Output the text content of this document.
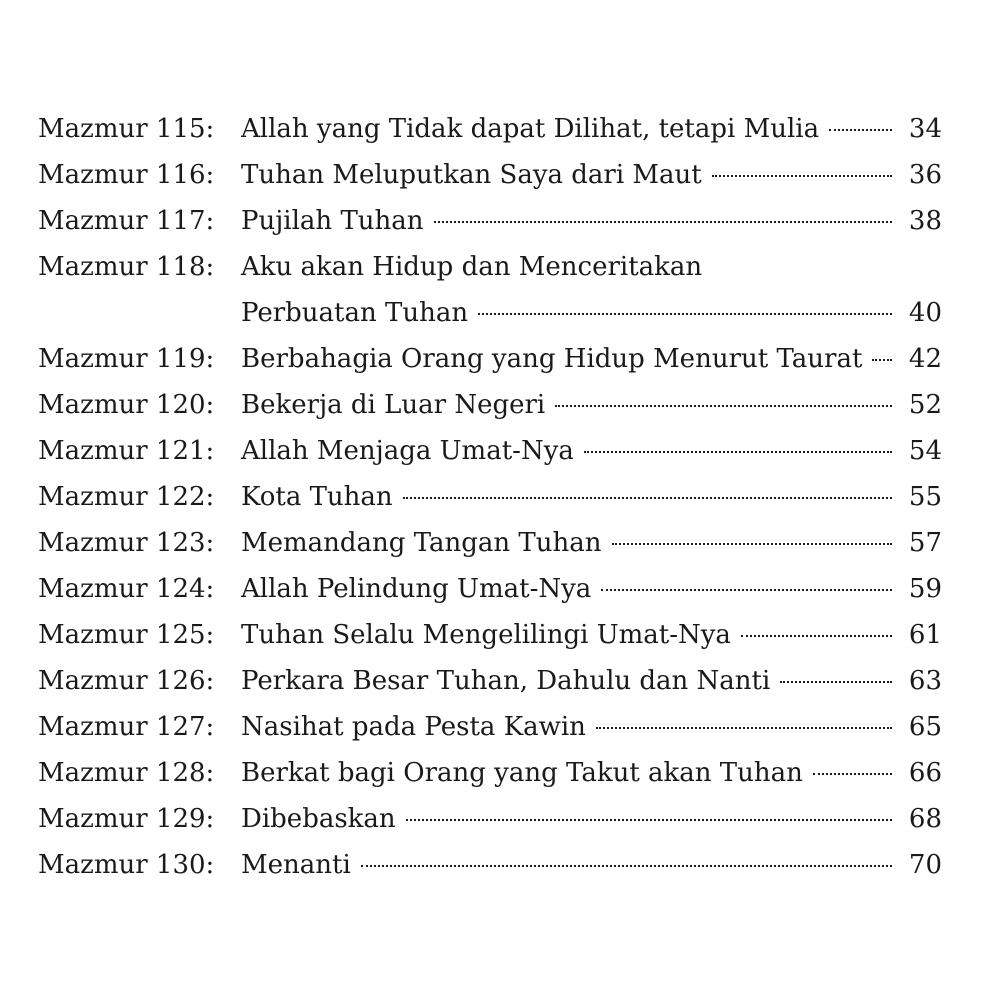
Mazmur 115:	Allah yang Tidak dapat Dilihat, tetapi Mulia	34
Mazmur 116:	Tuhan Meluputkan Saya dari Maut	36
Mazmur 117:	Pujilah Tuhan	38
Mazmur 118:	Aku akan Hidup dan Menceritakan
Perbuatan Tuhan	40
Mazmur 119:	Berbahagia Orang yang Hidup Menurut Taurat	42
Mazmur 120:	Bekerja di Luar Negeri	52
Mazmur 121:	Allah Menjaga Umat-Nya	54
Mazmur 122:	Kota Tuhan	55
Mazmur 123:	Memandang Tangan Tuhan	57
Mazmur 124:	Allah Pelindung Umat-Nya	59
Mazmur 125:	Tuhan Selalu Mengelilingi Umat-Nya	61
Mazmur 126:	Perkara Besar Tuhan, Dahulu dan Nanti	63
Mazmur 127:	Nasihat pada Pesta Kawin	65
Mazmur 128:	Berkat bagi Orang yang Takut akan Tuhan	66
Mazmur 129:	Dibebaskan	68
Mazmur 130:	Menanti	70
